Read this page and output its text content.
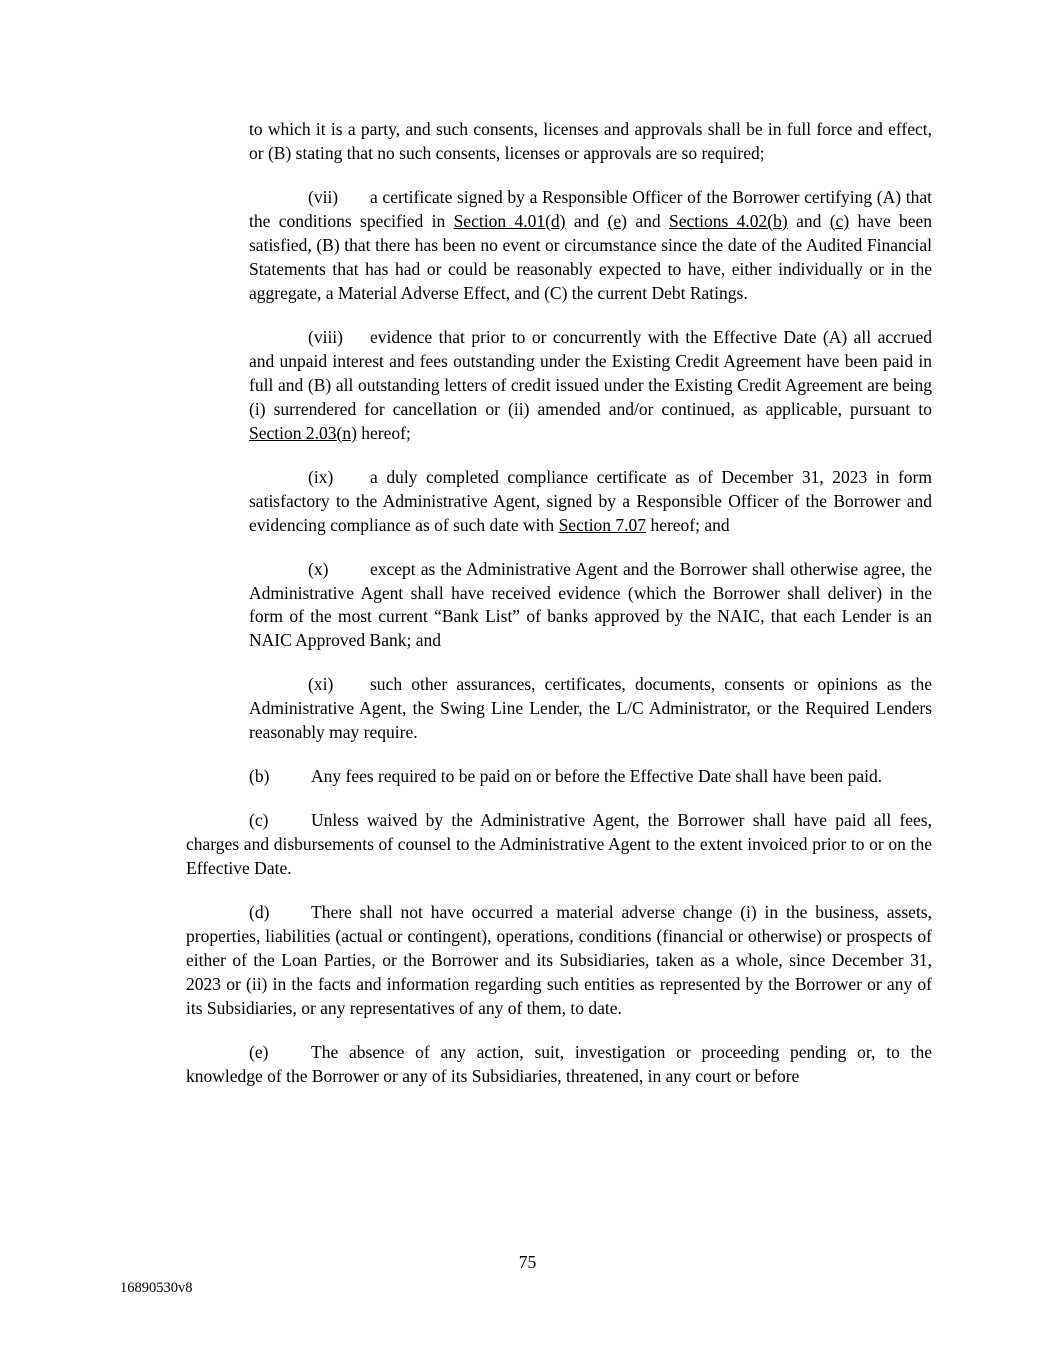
to which it is a party, and such consents, licenses and approvals shall be in full force and effect, or (B) stating that no such consents, licenses or approvals are so required;

(vii) a certificate signed by a Responsible Officer of the Borrower certifying (A) that the conditions specified in Section 4.01(d) and (e) and Sections 4.02(b) and (c) have been satisfied, (B) that there has been no event or circumstance since the date of the Audited Financial Statements that has had or could be reasonably expected to have, either individually or in the aggregate, a Material Adverse Effect, and (C) the current Debt Ratings.

(viii) evidence that prior to or concurrently with the Effective Date (A) all accrued and unpaid interest and fees outstanding under the Existing Credit Agreement have been paid in full and (B) all outstanding letters of credit issued under the Existing Credit Agreement are being (i) surrendered for cancellation or (ii) amended and/or continued, as applicable, pursuant to Section 2.03(n) hereof;

(ix) a duly completed compliance certificate as of December 31, 2023 in form satisfactory to the Administrative Agent, signed by a Responsible Officer of the Borrower and evidencing compliance as of such date with Section 7.07 hereof; and

(x) except as the Administrative Agent and the Borrower shall otherwise agree, the Administrative Agent shall have received evidence (which the Borrower shall deliver) in the form of the most current “Bank List” of banks approved by the NAIC, that each Lender is an NAIC Approved Bank; and

(xi) such other assurances, certificates, documents, consents or opinions as the Administrative Agent, the Swing Line Lender, the L/C Administrator, or the Required Lenders reasonably may require.

(b) Any fees required to be paid on or before the Effective Date shall have been paid.

(c) Unless waived by the Administrative Agent, the Borrower shall have paid all fees, charges and disbursements of counsel to the Administrative Agent to the extent invoiced prior to or on the Effective Date.

(d) There shall not have occurred a material adverse change (i) in the business, assets, properties, liabilities (actual or contingent), operations, conditions (financial or otherwise) or prospects of either of the Loan Parties, or the Borrower and its Subsidiaries, taken as a whole, since December 31, 2023 or (ii) in the facts and information regarding such entities as represented by the Borrower or any of its Subsidiaries, or any representatives of any of them, to date.

(e) The absence of any action, suit, investigation or proceeding pending or, to the knowledge of the Borrower or any of its Subsidiaries, threatened, in any court or before

75
16890530v8
